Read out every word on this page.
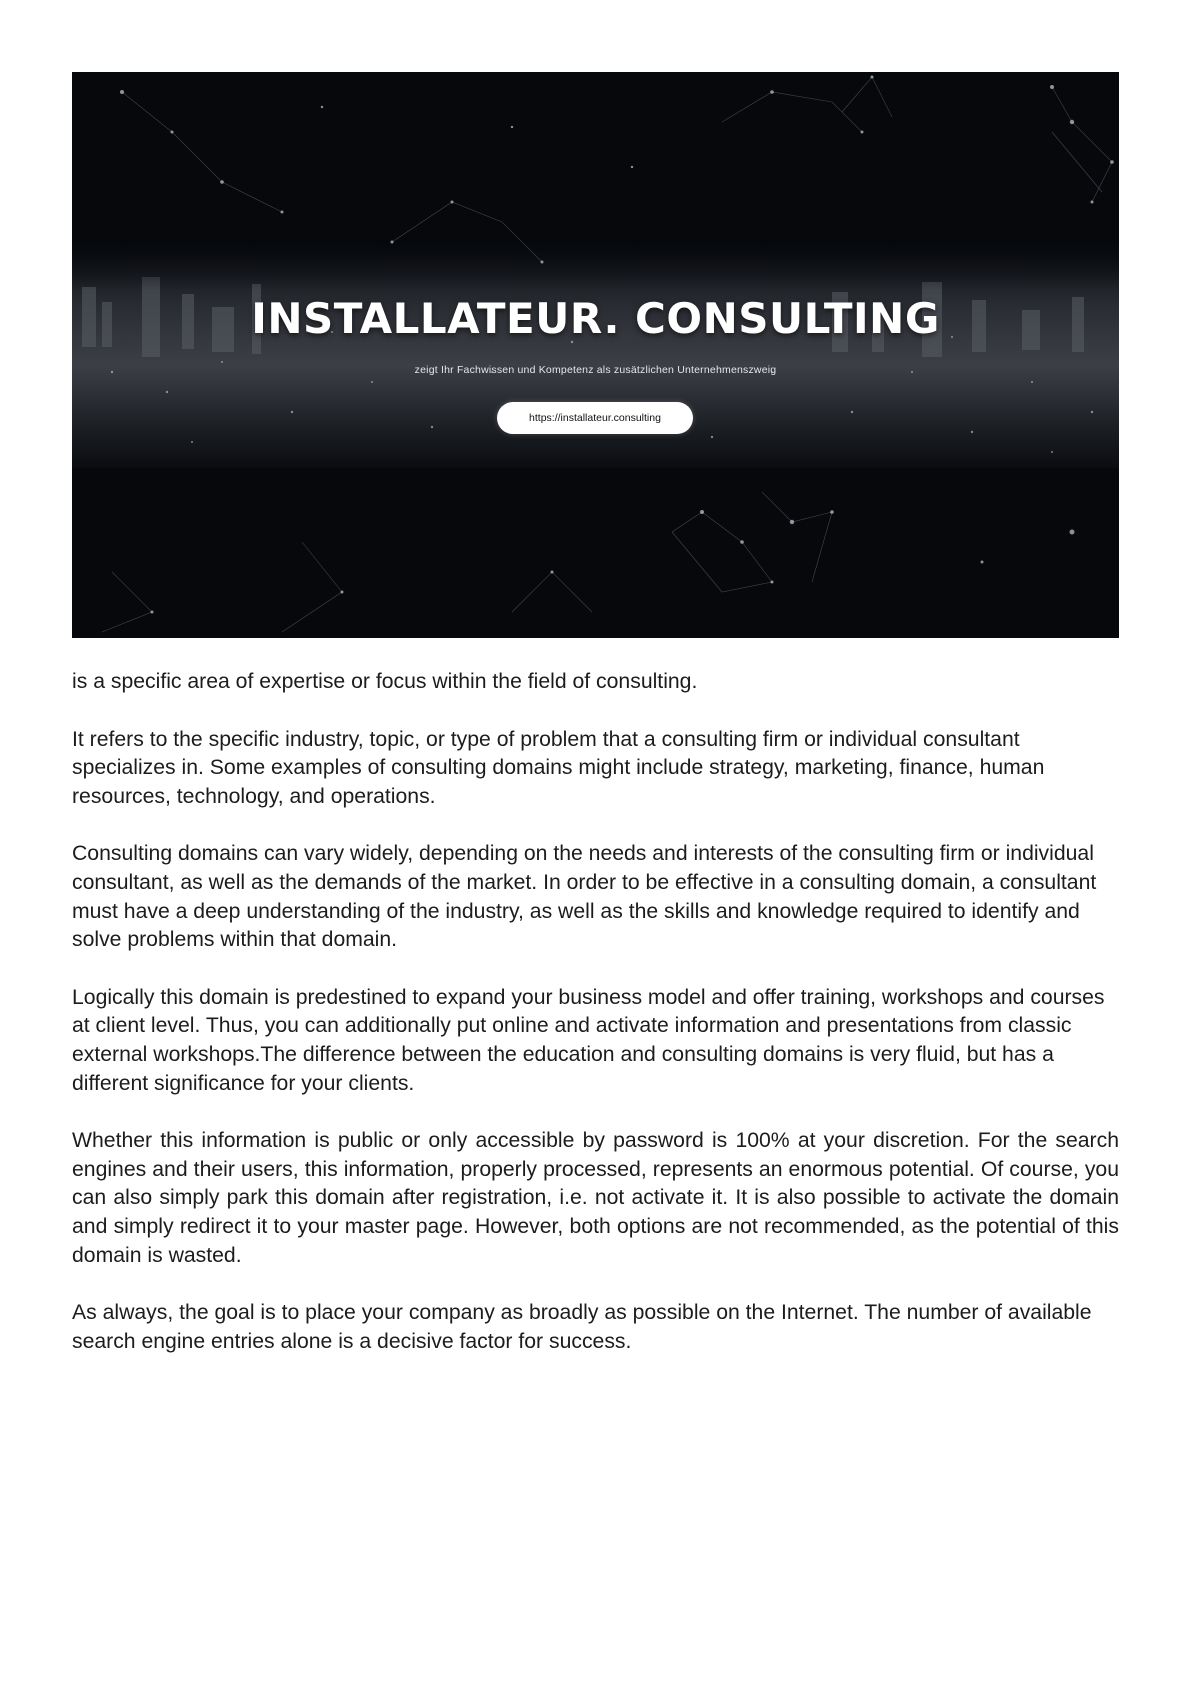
INSTALLATEUR. CONSULTING
zeigt Ihr Fachwissen und Kompetenz als zusätzlichen Unternehmenszweig
https://installateur.consulting

is a specific area of expertise or focus within the field of consulting.

It refers to the specific industry, topic, or type of problem that a consulting firm or individual consultant specializes in. Some examples of consulting domains might include strategy, marketing, finance, human resources, technology, and operations.

Consulting domains can vary widely, depending on the needs and interests of the consulting firm or individual consultant, as well as the demands of the market. In order to be effective in a consulting domain, a consultant must have a deep understanding of the industry, as well as the skills and knowledge required to identify and solve problems within that domain.

Logically this domain is predestined to expand your business model and offer training, workshops and courses at client level. Thus, you can additionally put online and activate information and presentations from classic external workshops.The difference between the education and consulting domains is very fluid, but has a different significance for your clients.

Whether this information is public or only accessible by password is 100% at your discretion. For the search engines and their users, this information, properly processed, represents an enormous potential. Of course, you can also simply park this domain after registration, i.e. not activate it. It is also possible to activate the domain and simply redirect it to your master page. However, both options are not recommended, as the potential of this domain is wasted.

As always, the goal is to place your company as broadly as possible on the Internet. The number of available search engine entries alone is a decisive factor for success.
